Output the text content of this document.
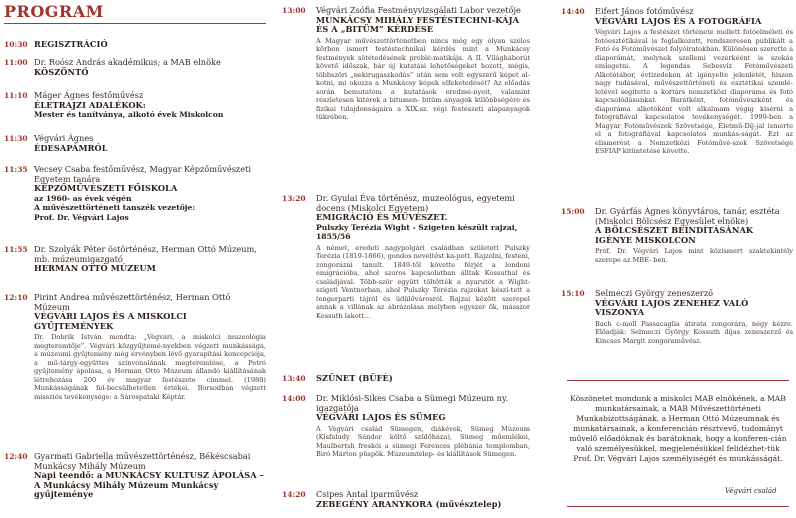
PROGRAM
10:30 REGISZTRÁCIÓ
11:00 Dr. Roósz András akadémikus; a MAB elnöke
KÖSZÖNTŐ
11:10 Máger Ágnes festőművész
ÉLETRAJZI ADALÉKOK:
Mester és tanítványa, alkotó évek Miskolcon
11:30 Végvári Ágnes
ÉDESAPÁMRÓL
11:35 Vecsey Csaba festőművész, Magyar Képzőművészeti Egyetem tanára
KÉPZŐMŰVÉSZETI FŐISKOLA
az 1960- as évek végén
A művészettörténeti tanszék vezetője:
Prof. Dr. Végvári Lajos
11:55 Dr. Szolyák Péter östörténész, Herman Ottó Múzeum, mb. múzeumigazgató
HERMAN OTTÓ MÚZEUM
12:10 Pirint Andrea művészettörténész, Herman Ottó Múzeum
VÉGVÁRI LAJOS ÉS A MISKOLCI GYŰJTEMÉNYEK
Dr. Dobrik István mondta: „Végvári, a miskolci muzeológia megteremtője”. Végvári közgyűjtemé-nyekben végzett munkássága, a múzeumi gyűjtemény még érvényben lévő gyarapítási koncepciója, a mű-tárgy-együttes színvonalának megteremtése, a Petró gyűjtemény ápolása, a Herman Ottó Múzeum állandó kiállításának létrehozása 200 év magyar festészete címmel. (1980) Munkásságának fel-becsülhetetlen értékei. Borsodban végzett missziós tevékenysége: a Sárospataki Képtár.
12:40 Gyarmati Gabriella művészettörténész, Békéscsabai Munkácsy Mihály Múzeum
Napi teendő: a MUNKÁCSY KULTUSZ ÁPOLÁSA – A Munkácsy Mihály Múzeum Munkácsy gyűjteménye
13:00 Végvári Zsófia Festményvizsgálati Labor vezetője
MUNKÁCSY MIHÁLY FESTÉSTECHNI-KÁJA ÉS A „BITÜM” KÉRDÉSE
A Magyar művészettörténetben nincs még egy olyan széles körben ismert festéstechnikai kérdés mint a Munkácsy festmények sötétedésének problé-matikája. A II. Világháborút követő időszak, bár új kutatási lehetőségeket hozott, mégis, többszöri „nekirugaszkodás” után sem volt egyszerű képet al-kotni, mi okozza a Munkácsy képek elfeketedését? Az előadás során bemutatom a kutatások eredmé-nyeit, valamint részletesen kitérek a bitumen- bitüm anyagok különbségére és fizikai tulajdonságaira a XIX.sz. végi festészeti alapanyagok tükrében.
13:20 Dr. Gyulai Éva történész, muzeológus, egyetemi docens (Miskolci Egyetem)
EMIGRÁCIÓ ÉS MŰVÉSZET.
Pulszky Terézia Wight - Szigeten készült rajzai, 1855/56
A német, eredeti nagypolgári családban született Pulszky Terézia (1819-1866), gondos neveltést ka-pott. Rajzolni, festeni, zongorázni tanult. 1849-től követte férjét a londoni emigrációba, ahol szoros kapcsolatban álltak Kossuthal és családjával. Több-ször együtt töltötték a nyarutöt a Wight-szigeti Ventnorban, ahol Pulszky Terézia rajzokat készí-tett a tengerparti tájról és üdülővárosról. Rajzai között szerepel annak a villának az ábrázolása melyben egyszer ők, másszor Kossuth lakott...
13:40 SZÜNET (BÜFÉ)
14:00 Dr. Miklósi-Sikes Csaba a Sümegi Múzeum ny. igazgatója
VÉGVÁRI LAJOS ÉS SÜMEG
A Végvári család Sümegen, diákévek, Sümeg Múzeum (Kisfaludy Sándor költő szülőháza), Sümeg műemlékei, Maulbertsh freskói a sümegi Ferences plébánia templomban, Biró Márton püspök. Múzeumtelep- és kiállítások Sümegen.
14:20 Csipes Antal iparművész
ZEBEGÉNY ARANYKORA (művésztelep)
14:40 Eifert János fotóművész
VÉGVÁRI LAJOS ÉS A FOTOGRÁFIA
Végvári Lajos a festészet története mellett fotóelméleti és fotóesztétikával is foglalkozott, rendszeresen publikált a Fotó és Fotóművészet folyóiratokban. Különösen szerette a diaporámát, melynek szellemi vezérkéént is szokás emlegetni. A legendás Sebesvíz Fotóművészeti Alkotótábor, évtizedeken át igényelte jelenlétét, hiszen nagy tudásával, művészettörténeti és esztétikai szemlé-letével segítette a kortárs nemzetközi diaporáma és fotó kapcsolódásunkat. Barátként, fotóművészként és diaporáma alkotóként volt alkalmam végig kísérni a fotográfiával kapcsolatos tevékenységét. 1999-ben a Magyar Fotóművészek Szövetsége, Életmű-Díj-jal ismerte el a fotográfiával kapcsolatos munkás-ságát. Ezt az elismerést a Nemzetközi Fotóművé-szek Szövetsége ESFIAP kitüntetése követte.
15:00 Dr. Gyárfás Ágnes könyvtáros, tanár, esztéta (Miskolci Bölcsész Egyesület elnöke)
A BÖLCSÉSZET BEINDÍTÁSÁNAK IGÉNYE MISKOLCON
Prof. Dr. Végvári Lajos mint közismert szaktekintély szerepe az MBE- ben.
15:10 Selmeczi György zeneszerző
VÉGVÁRI LAJOS ZENEHEZ VALÓ VISZONYA
Bach c-moll Passacaglia átirata zongorára, négy kézre. Előadják: Selmeczi György Kossuth díjas zeneszerző és Kincses Margit zongoraművész.
Köszönetet mondunk a miskolci MAB elnökének, a MAB munkatársainak, a MAB Művészettörténeti Munkabizottságának, a Herman Ottó Múzeumnak és munkatársainak, a konferencián résztvevő, tudományt művelő előadóknak és barátoknak, hogy a konferen-cián való személyesükkel, megjelenésükkel felidézhet-tük Prof. Dr. Végvári Lajos személyiségét és munkásságát.
Végvári család
